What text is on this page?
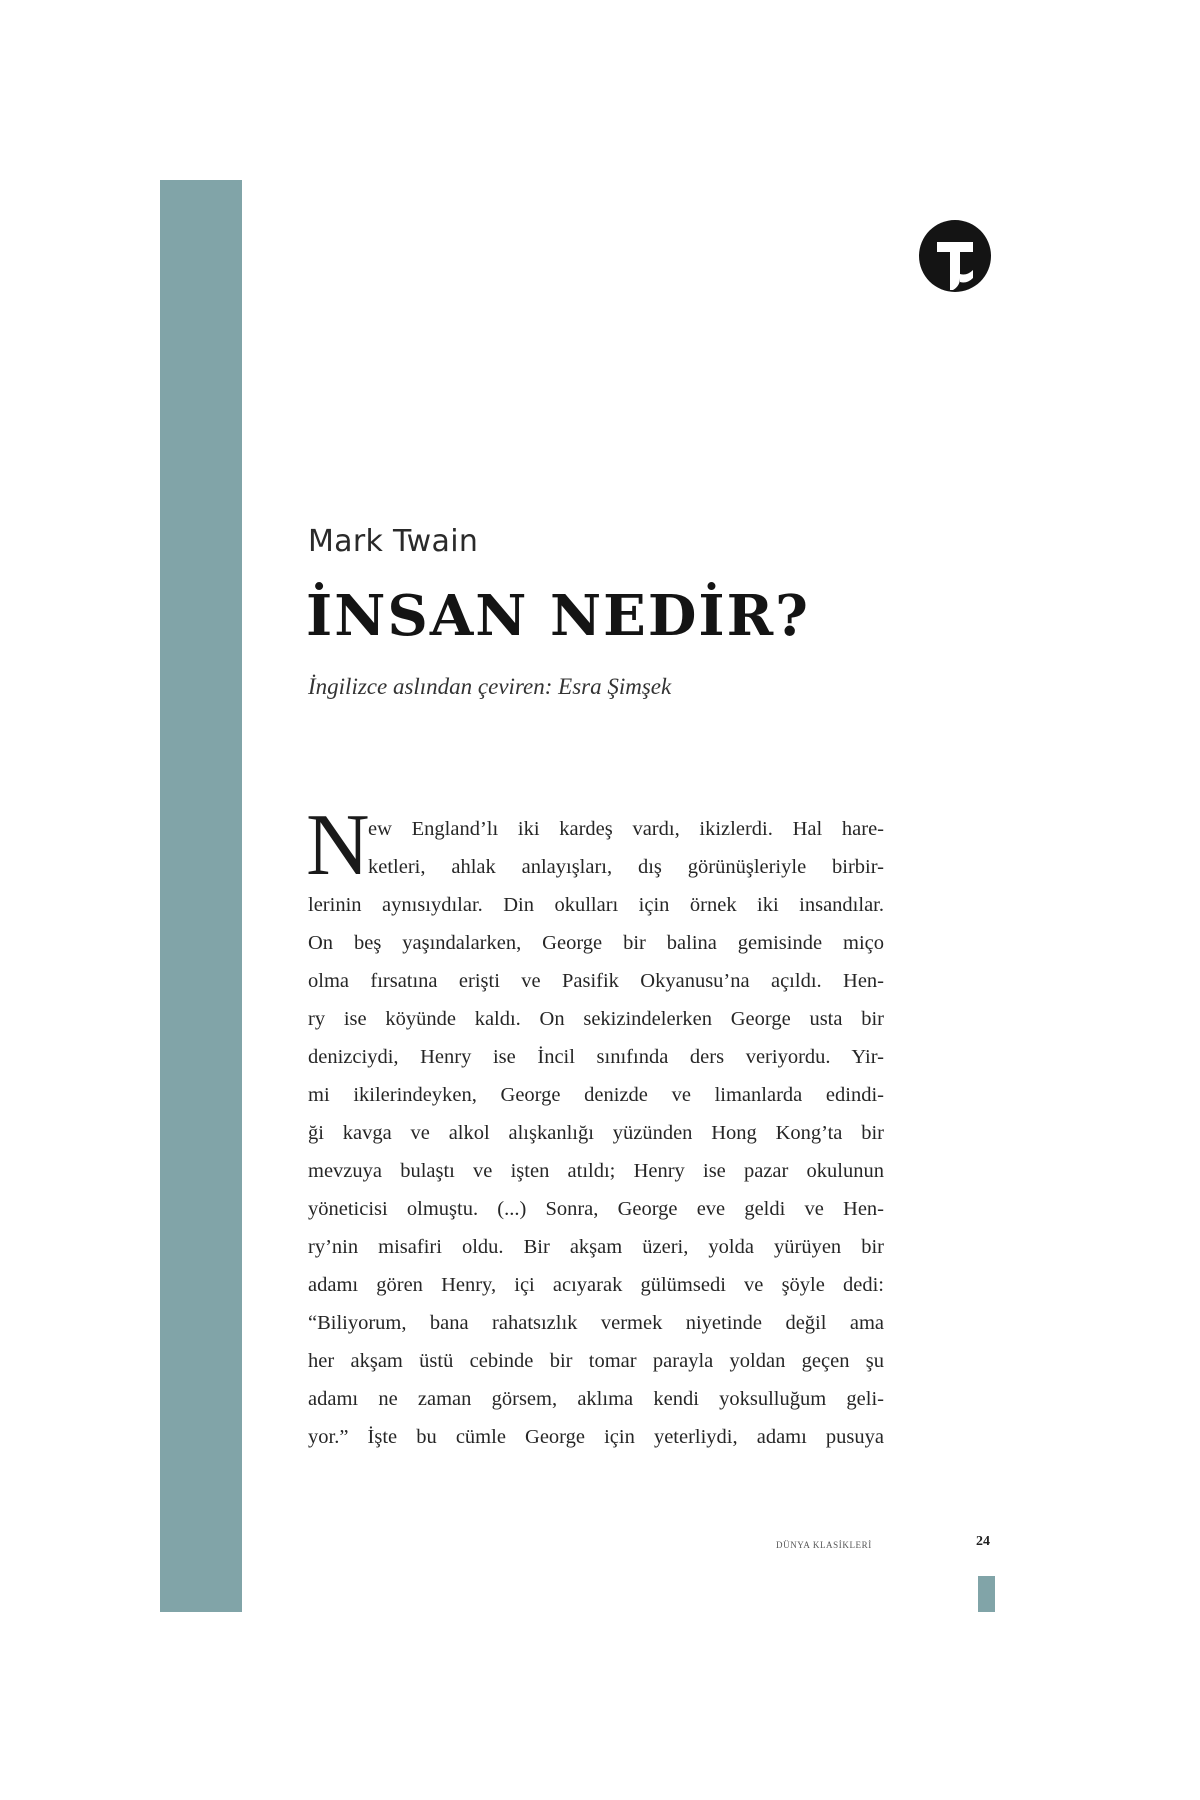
Mark Twain
İNSAN NEDİR?
İngilizce aslından çeviren: Esra Şimşek
N
ew England’lı iki kardeş vardı, ikizlerdi. Hal hare-
ketleri, ahlak anlayışları, dış görünüşleriyle birbir-
lerinin aynısıydılar. Din okulları için örnek iki insandılar.
On beş yaşındalarken, George bir balina gemisinde miço
olma fırsatına erişti ve Pasifik Okyanusu’na açıldı. Hen-
ry ise köyünde kaldı. On sekizindelerken George usta bir
denizciydi, Henry ise İncil sınıfında ders veriyordu. Yir-
mi ikilerindeyken, George denizde ve limanlarda edindi-
ği kavga ve alkol alışkanlığı yüzünden Hong Kong’ta bir
mevzuya bulaştı ve işten atıldı; Henry ise pazar okulunun
yöneticisi olmuştu. (...) Sonra, George eve geldi ve Hen-
ry’nin misafiri oldu. Bir akşam üzeri, yolda yürüyen bir
adamı gören Henry, içi acıyarak gülümsedi ve şöyle dedi:
“Biliyorum, bana rahatsızlık vermek niyetinde değil ama
her akşam üstü cebinde bir tomar parayla yoldan geçen şu
adamı ne zaman görsem, aklıma kendi yoksulluğum geli-
yor.” İşte bu cümle George için yeterliydi, adamı pusuya
DÜNYA KLASİKLERİ	24
